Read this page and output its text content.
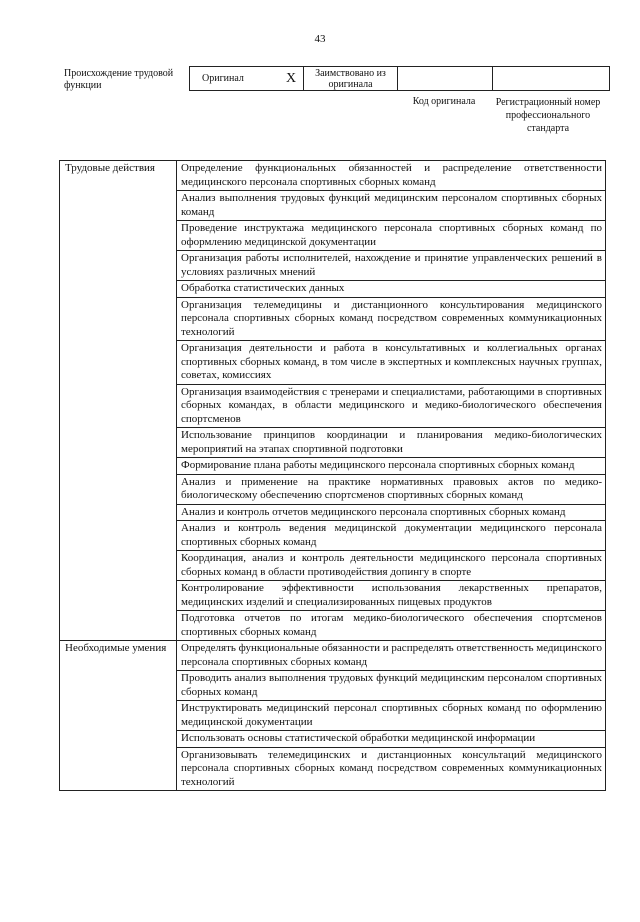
43
Происхождение трудовой функции
Оригинал	X	Заимствовано из оригинала		
Код оригинала	Регистрационный номер профессионального стандарта
Трудовые действия	Определение функциональных обязанностей и распределение ответственности медицинского персонала спортивных сборных команд
	Анализ выполнения трудовых функций медицинским персоналом спортивных сборных команд
	Проведение инструктажа медицинского персонала спортивных сборных команд по оформлению медицинской документации
	Организация работы исполнителей, нахождение и принятие управленческих решений в условиях различных мнений
	Обработка статистических данных
	Организация телемедицины и дистанционного консультирования медицинского персонала спортивных сборных команд посредством современных коммуникационных технологий
	Организация деятельности и работа в консультативных и коллегиальных органах спортивных сборных команд, в том числе в экспертных и комплексных научных группах, советах, комиссиях
	Организация взаимодействия с тренерами и специалистами, работающими в спортивных сборных командах, в области медицинского и медико-биологического обеспечения спортсменов
	Использование принципов координации и планирования медико-биологических мероприятий на этапах спортивной подготовки
	Формирование плана работы медицинского персонала спортивных сборных команд
	Анализ и применение на практике нормативных правовых актов по медико-биологическому обеспечению спортсменов спортивных сборных команд
	Анализ и контроль отчетов медицинского персонала спортивных сборных команд
	Анализ и контроль ведения медицинской документации медицинского персонала спортивных сборных команд
	Координация, анализ и контроль деятельности медицинского персонала спортивных сборных команд в области противодействия допингу в спорте
	Контролирование эффективности использования лекарственных препаратов, медицинских изделий и специализированных пищевых продуктов
	Подготовка отчетов по итогам медико-биологического обеспечения спортсменов спортивных сборных команд
Необходимые умения	Определять функциональные обязанности и распределять ответственность медицинского персонала спортивных сборных команд
	Проводить анализ выполнения трудовых функций медицинским персоналом спортивных сборных команд
	Инструктировать медицинский персонал спортивных сборных команд по оформлению медицинской документации
	Использовать основы статистической обработки медицинской информации
	Организовывать телемедицинских и дистанционных консультаций медицинского персонала спортивных сборных команд посредством современных коммуникационных технологий
